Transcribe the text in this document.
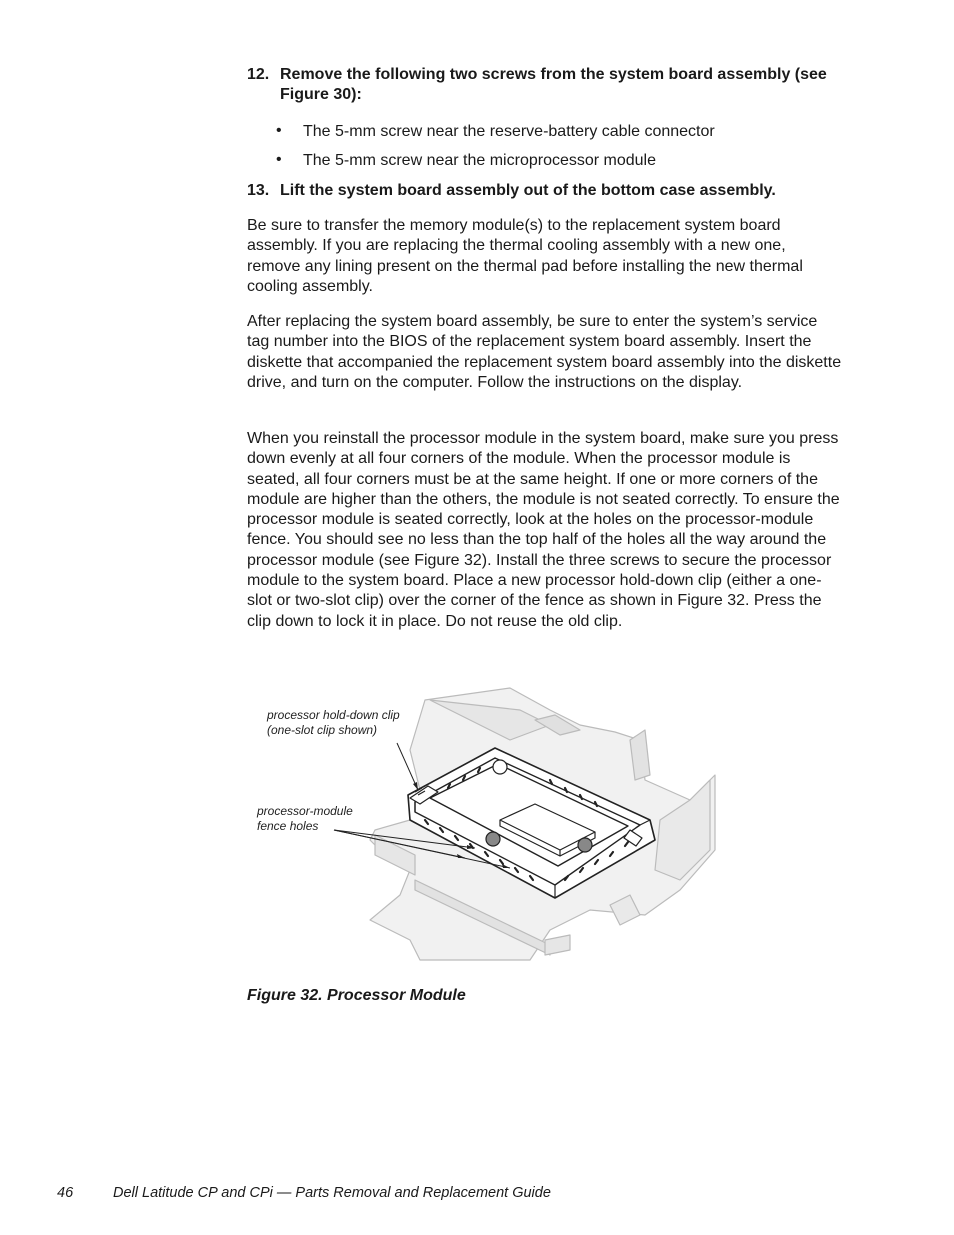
12. Remove the following two screws from the system board assembly (see Figure 30):
• The 5-mm screw near the reserve-battery cable connector
• The 5-mm screw near the microprocessor module
13. Lift the system board assembly out of the bottom case assembly.

Be sure to transfer the memory module(s) to the replacement system board assembly. If you are replacing the thermal cooling assembly with a new one, remove any lining present on the thermal pad before installing the new thermal cooling assembly.

After replacing the system board assembly, be sure to enter the system’s service tag number into the BIOS of the replacement system board assembly. Insert the diskette that accompanied the replacement system board assembly into the diskette drive, and turn on the computer. Follow the instructions on the display.

When you reinstall the processor module in the system board, make sure you press down evenly at all four corners of the module. When the processor module is seated, all four corners must be at the same height. If one or more corners of the module are higher than the others, the module is not seated correctly. To ensure the processor module is seated correctly, look at the holes on the processor-module fence. You should see no less than the top half of the holes all the way around the processor module (see Figure 32). Install the three screws to secure the processor module to the system board. Place a new processor hold-down clip (either a one-slot or two-slot clip) over the corner of the fence as shown in Figure 32. Press the clip down to lock it in place. Do not reuse the old clip.

processor hold-down clip
(one-slot clip shown)
processor-module
fence holes
Figure 32. Processor Module
46	Dell Latitude CP and CPi — Parts Removal and Replacement Guide
